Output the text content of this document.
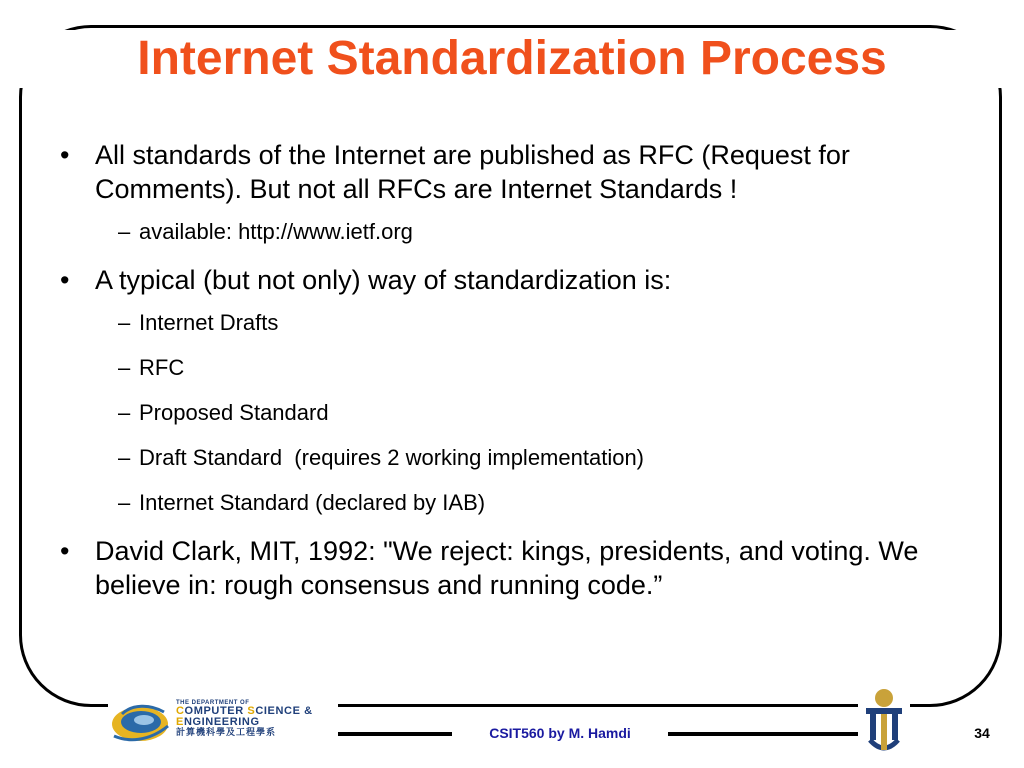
Internet Standardization Process
• All standards of the Internet are published as RFC (Request for Comments). But not all RFCs are Internet Standards !
– available: http://www.ietf.org
• A typical (but not only) way of standardization is:
– Internet Drafts
– RFC
– Proposed Standard
– Draft Standard  (requires 2 working implementation)
– Internet Standard (declared by IAB)
• David Clark, MIT, 1992: "We reject: kings, presidents, and voting. We believe in: rough consensus and running code.”
CSIT560 by M. Hamdi	34
THE DEPARTMENT OF
COMPUTER SCIENCE &
ENGINEERING
計算機科學及工程學系
